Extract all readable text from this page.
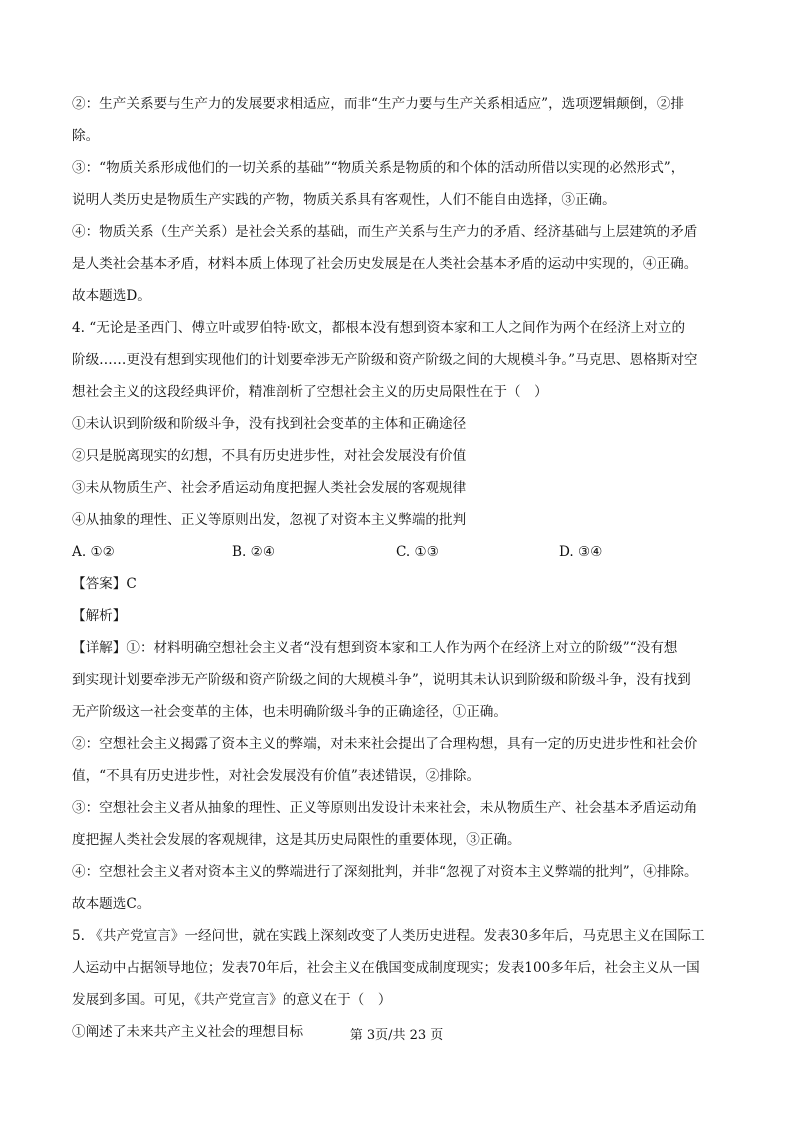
②：生产关系要与生产力的发展要求相适应，而非“生产力要与生产关系相适应”，选项逻辑颠倒，②排
除。
③：“物质关系形成他们的一切关系的基础”“物质关系是物质的和个体的活动所借以实现的必然形式”，
说明人类历史是物质生产实践的产物，物质关系具有客观性，人们不能自由选择，③正确。
④：物质关系（生产关系）是社会关系的基础，而生产关系与生产力的矛盾、经济基础与上层建筑的矛盾
是人类社会基本矛盾，材料本质上体现了社会历史发展是在人类社会基本矛盾的运动中实现的，④正确。
故本题选D。
4. “无论是圣西门、傅立叶或罗伯特·欧文，都根本没有想到资本家和工人之间作为两个在经济上对立的
阶级……更没有想到实现他们的计划要牵涉无产阶级和资产阶级之间的大规模斗争。”马克思、恩格斯对空
想社会主义的这段经典评价，精准剖析了空想社会主义的历史局限性在于（　）
①未认识到阶级和阶级斗争，没有找到社会变革的主体和正确途径
②只是脱离现实的幻想，不具有历史进步性，对社会发展没有价值
③未从物质生产、社会矛盾运动角度把握人类社会发展的客观规律
④从抽象的理性、正义等原则出发，忽视了对资本主义弊端的批判
A. ①②	B. ②④	C. ①③	D. ③④
【答案】C
【解析】
【详解】①：材料明确空想社会主义者“没有想到资本家和工人作为两个在经济上对立的阶级”“没有想
到实现计划要牵涉无产阶级和资产阶级之间的大规模斗争”，说明其未认识到阶级和阶级斗争，没有找到
无产阶级这一社会变革的主体，也未明确阶级斗争的正确途径，①正确。
②：空想社会主义揭露了资本主义的弊端，对未来社会提出了合理构想，具有一定的历史进步性和社会价
值，“不具有历史进步性，对社会发展没有价值”表述错误，②排除。
③：空想社会主义者从抽象的理性、正义等原则出发设计未来社会，未从物质生产、社会基本矛盾运动角
度把握人类社会发展的客观规律，这是其历史局限性的重要体现，③正确。
④：空想社会主义者对资本主义的弊端进行了深刻批判，并非“忽视了对资本主义弊端的批判”，④排除。
故本题选C。
5. 《共产党宣言》一经问世，就在实践上深刻改变了人类历史进程。发表30多年后，马克思主义在国际工
人运动中占据领导地位；发表70年后，社会主义在俄国变成制度现实；发表100多年后，社会主义从一国
发展到多国。可见，《共产党宣言》的意义在于（　）
①阐述了未来共产主义社会的理想目标	第 3页/共 23 页
